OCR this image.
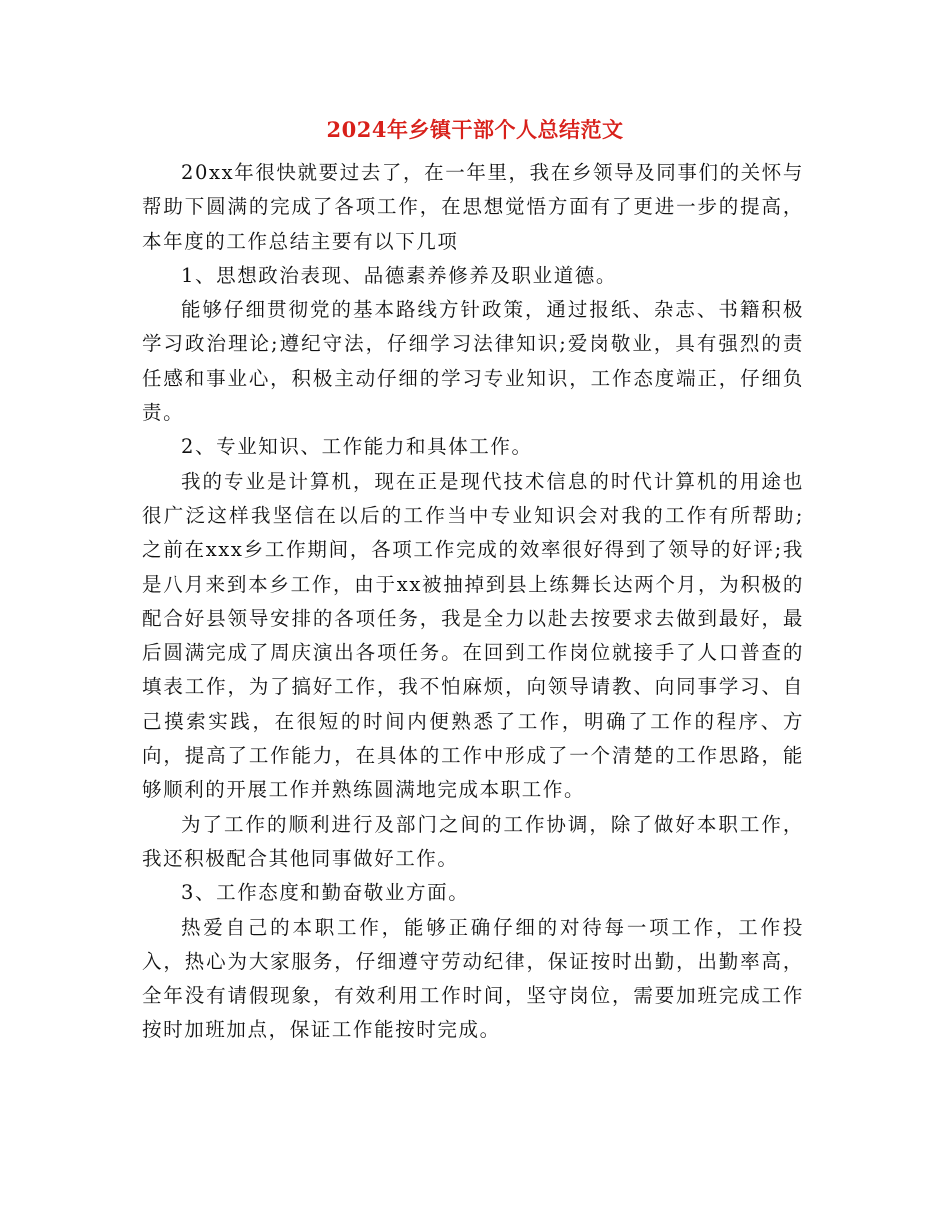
2024年乡镇干部个人总结范文

20xx年很快就要过去了，在一年里，我在乡领导及同事们的关怀与帮助下圆满的完成了各项工作，在思想觉悟方面有了更进一步的提高，本年度的工作总结主要有以下几项

1、思想政治表现、品德素养修养及职业道德。

能够仔细贯彻党的基本路线方针政策，通过报纸、杂志、书籍积极学习政治理论;遵纪守法，仔细学习法律知识;爱岗敬业，具有强烈的责任感和事业心，积极主动仔细的学习专业知识，工作态度端正，仔细负责。

2、专业知识、工作能力和具体工作。

我的专业是计算机，现在正是现代技术信息的时代计算机的用途也很广泛这样我坚信在以后的工作当中专业知识会对我的工作有所帮助;之前在xxx乡工作期间，各项工作完成的效率很好得到了领导的好评;我是八月来到本乡工作，由于xx被抽掉到县上练舞长达两个月，为积极的配合好县领导安排的各项任务，我是全力以赴去按要求去做到最好，最后圆满完成了周庆演出各项任务。在回到工作岗位就接手了人口普查的填表工作，为了搞好工作，我不怕麻烦，向领导请教、向同事学习、自己摸索实践，在很短的时间内便熟悉了工作，明确了工作的程序、方向，提高了工作能力，在具体的工作中形成了一个清楚的工作思路，能够顺利的开展工作并熟练圆满地完成本职工作。

为了工作的顺利进行及部门之间的工作协调，除了做好本职工作，我还积极配合其他同事做好工作。

3、工作态度和勤奋敬业方面。

热爱自己的本职工作，能够正确仔细的对待每一项工作，工作投入，热心为大家服务，仔细遵守劳动纪律，保证按时出勤，出勤率高，全年没有请假现象，有效利用工作时间，坚守岗位，需要加班完成工作按时加班加点，保证工作能按时完成。
